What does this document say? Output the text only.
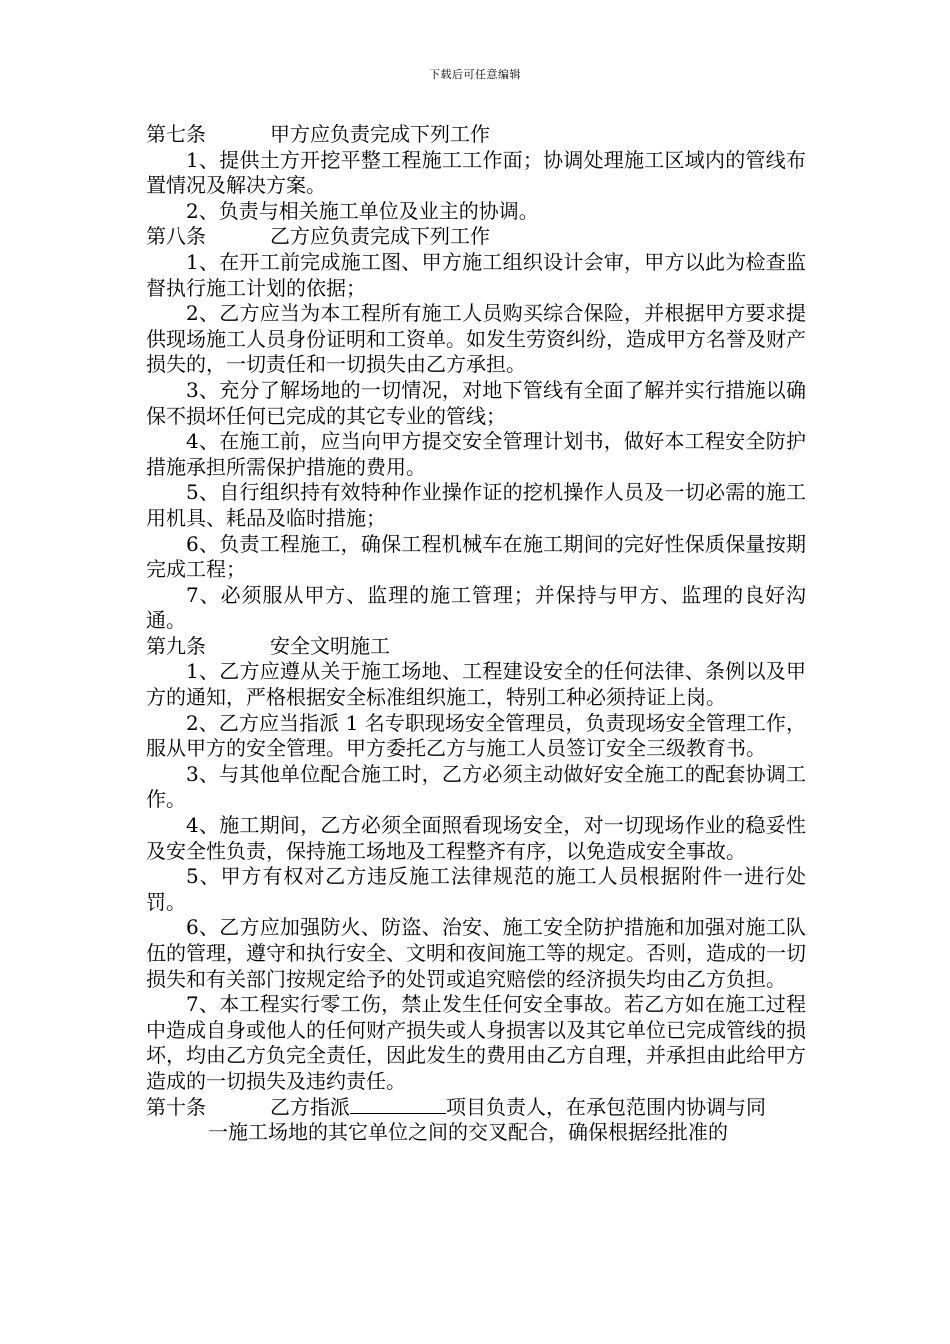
下载后可任意编辑

第七条	甲方应负责完成下列工作

1、提供土方开挖平整工程施工工作面；协调处理施工区域内的管线布置情况及解决方案。

2、负责与相关施工单位及业主的协调。

第八条	乙方应负责完成下列工作

1、在开工前完成施工图、甲方施工组织设计会审，甲方以此为检查监督执行施工计划的依据；

2、乙方应当为本工程所有施工人员购买综合保险，并根据甲方要求提供现场施工人员身份证明和工资单。如发生劳资纠纷，造成甲方名誉及财产损失的，一切责任和一切损失由乙方承担。

3、充分了解场地的一切情况，对地下管线有全面了解并实行措施以确保不损坏任何已完成的其它专业的管线；

4、在施工前，应当向甲方提交安全管理计划书，做好本工程安全防护措施承担所需保护措施的费用。

5、自行组织持有效特种作业操作证的挖机操作人员及一切必需的施工用机具、耗品及临时措施；

6、负责工程施工，确保工程机械车在施工期间的完好性保质保量按期完成工程；

7、必须服从甲方、监理的施工管理；并保持与甲方、监理的良好沟通。

第九条	安全文明施工

1、乙方应遵从关于施工场地、工程建设安全的任何法律、条例以及甲方的通知，严格根据安全标准组织施工，特别工种必须持证上岗。

2、乙方应当指派 1 名专职现场安全管理员，负责现场安全管理工作，服从甲方的安全管理。甲方委托乙方与施工人员签订安全三级教育书。

3、与其他单位配合施工时，乙方必须主动做好安全施工的配套协调工作。

4、施工期间，乙方必须全面照看现场安全，对一切现场作业的稳妥性及安全性负责，保持施工场地及工程整齐有序，以免造成安全事故。

5、甲方有权对乙方违反施工法律规范的施工人员根据附件一进行处罚。

6、乙方应加强防火、防盗、治安、施工安全防护措施和加强对施工队伍的管理，遵守和执行安全、文明和夜间施工等的规定。否则，造成的一切损失和有关部门按规定给予的处罚或追究赔偿的经济损失均由乙方负担。

7、本工程实行零工伤，禁止发生任何安全事故。若乙方如在施工过程中造成自身或他人的任何财产损失或人身损害以及其它单位已完成管线的损坏，均由乙方负完全责任，因此发生的费用由乙方自理，并承担由此给甲方造成的一切损失及违约责任。

第十条	乙方指派	项目负责人，在承包范围内协调与同

一施工场地的其它单位之间的交叉配合，确保根据经批准的
